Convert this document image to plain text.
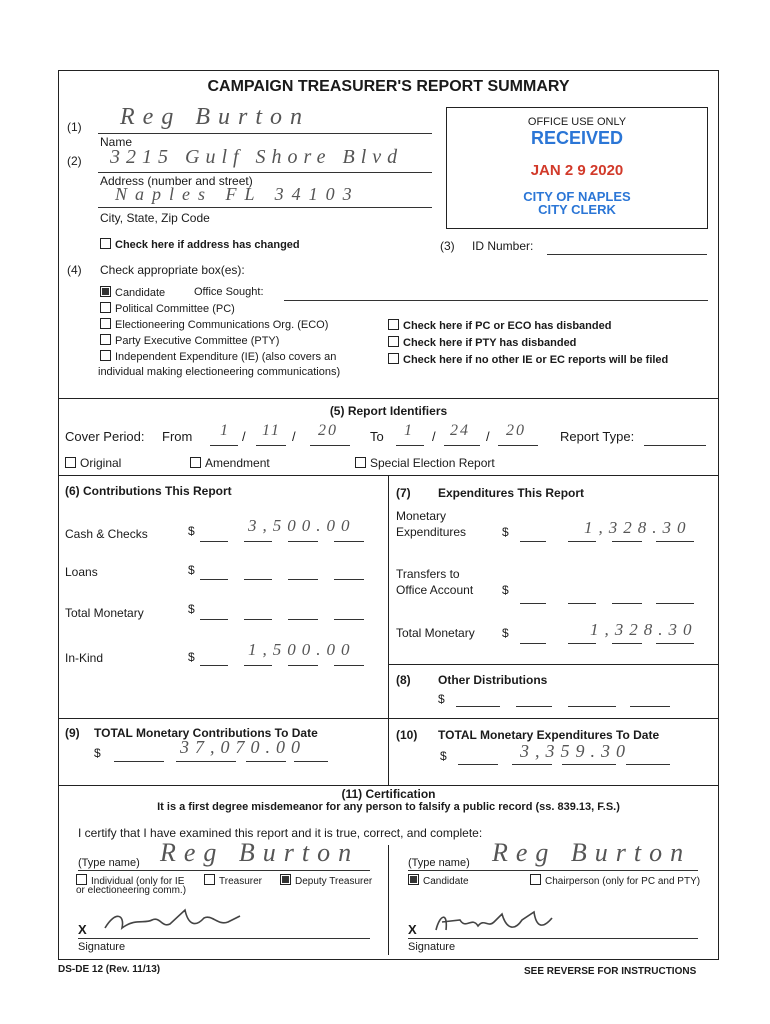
CAMPAIGN TREASURER'S REPORT SUMMARY
(1) Reg Burton
Name
(2) 3215 Gulf Shore Blvd
Address (number and street)
Naples FL 34103
City, State, Zip Code
Check here if address has changed
OFFICE USE ONLY
RECEIVED
JAN 2 9 2020
CITY OF NAPLES
CITY CLERK
(3) ID Number:
(4) Check appropriate box(es):
Candidate	Office Sought:
Political Committee (PC)
Electioneering Communications Org. (ECO)
Party Executive Committee (PTY)
Independent Expenditure (IE) (also covers an
individual making electioneering communications)
Check here if PC or ECO has disbanded
Check here if PTY has disbanded
Check here if no other IE or EC reports will be filed
(5) Report Identifiers
Cover Period: From 1 / 11 / 20 To 1 / 24 / 20	Report Type:
Original	Amendment	Special Election Report
(6) Contributions This Report
Cash & Checks	$	3,500.00
Loans	$
Total Monetary	$
In-Kind	$	1,500.00
(7) Expenditures This Report
Monetary
Expenditures	$	1,328.30
Transfers to
Office Account $
Total Monetary $	1,328.30
(8) Other Distributions
$
(9) TOTAL Monetary Contributions To Date
$	37,070.00
(10) TOTAL Monetary Expenditures To Date
$	3,359.30
(11) Certification
It is a first degree misdemeanor for any person to falsify a public record (ss. 839.13, F.S.)
I certify that I have examined this report and it is true, correct, and complete:
(Type name) Reg Burton
Individual (only for IE
or electioneering comm.)
Treasurer	Deputy Treasurer
X
Signature
(Type name) Reg Burton
Candidate	Chairperson (only for PC and PTY)
X
Signature
DS-DE 12 (Rev. 11/13)	SEE REVERSE FOR INSTRUCTIONS
